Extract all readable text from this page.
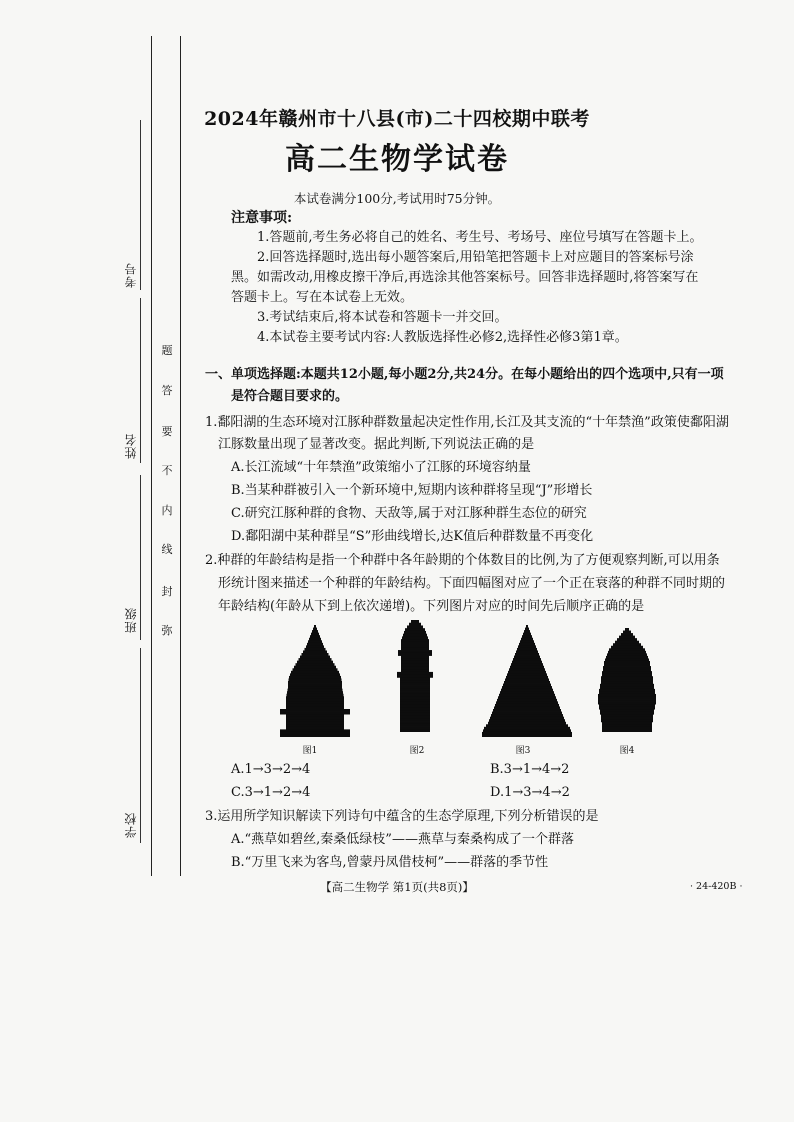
考号
姓名
班级
学校
题
答
要
不
内
线
封
弥
2024年赣州市十八县(市)二十四校期中联考
高二生物学试卷
本试卷满分100分,考试用时75分钟。
注意事项:
1.答题前,考生务必将自己的姓名、考生号、考场号、座位号填写在答题卡上。
2.回答选择题时,选出每小题答案后,用铅笔把答题卡上对应题目的答案标号涂
黑。如需改动,用橡皮擦干净后,再选涂其他答案标号。回答非选择题时,将答案写在
答题卡上。写在本试卷上无效。
3.考试结束后,将本试卷和答题卡一并交回。
4.本试卷主要考试内容:人教版选择性必修2,选择性必修3第1章。
一、单项选择题:本题共12小题,每小题2分,共24分。在每小题给出的四个选项中,只有一项
是符合题目要求的。
1.鄱阳湖的生态环境对江豚种群数量起决定性作用,长江及其支流的“十年禁渔”政策使鄱阳湖
江豚数量出现了显著改变。据此判断,下列说法正确的是
A.长江流域“十年禁渔”政策缩小了江豚的环境容纳量
B.当某种群被引入一个新环境中,短期内该种群将呈现“J”形增长
C.研究江豚种群的食物、天敌等,属于对江豚种群生态位的研究
D.鄱阳湖中某种群呈“S”形曲线增长,达K值后种群数量不再变化
2.种群的年龄结构是指一个种群中各年龄期的个体数目的比例,为了方便观察判断,可以用条
形统计图来描述一个种群的年龄结构。下面四幅图对应了一个正在衰落的种群不同时期的
年龄结构(年龄从下到上依次递增)。下列图片对应的时间先后顺序正确的是
图1	图2	图3	图4
A.1→3→2→4	B.3→1→4→2
C.3→1→2→4	D.1→3→4→2
3.运用所学知识解读下列诗句中蕴含的生态学原理,下列分析错误的是
A.“燕草如碧丝,秦桑低绿枝”——燕草与秦桑构成了一个群落
B.“万里飞来为客鸟,曾蒙丹凤借枝柯”——群落的季节性
【高二生物学 第1页(共8页)】	· 24-420B ·
